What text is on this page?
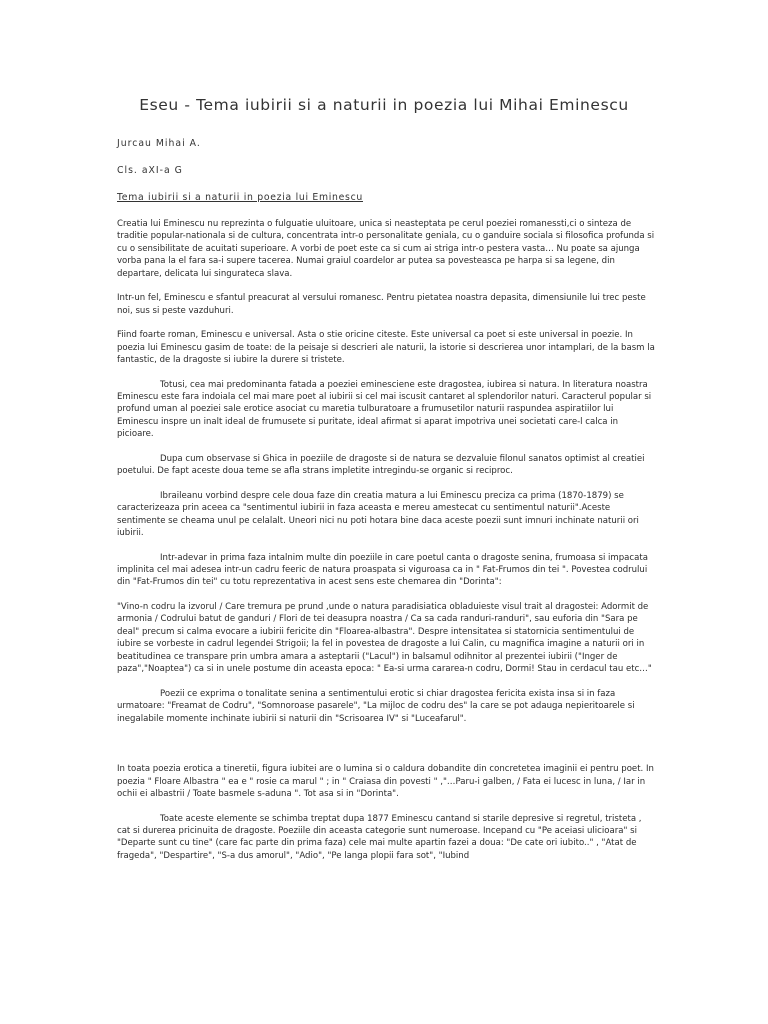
Eseu - Tema iubirii si a naturii in poezia lui Mihai Eminescu

Jurcau Mihai A.

Cls. aXI-a G

Tema iubirii si a naturii in poezia lui Eminescu

Creatia lui Eminescu nu reprezinta o fulguatie uluitoare, unica si neasteptata pe cerul poeziei romanessti,ci o sinteza de traditie popular-nationala si de cultura, concentrata intr-o personalitate geniala, cu o ganduire sociala si filosofica profunda si cu o sensibilitate de acuitati superioare. A vorbi de poet este ca si cum ai striga intr-o pestera vasta… Nu poate sa ajunga vorba pana la el fara sa-i supere tacerea. Numai graiul coardelor ar putea sa povesteasca pe harpa si sa legene, din departare, delicata lui singurateca slava.

Intr-un fel, Eminescu e sfantul preacurat al versului romanesc. Pentru pietatea noastra depasita, dimensiunile lui trec peste noi, sus si peste vazduhuri.

Fiind foarte roman, Eminescu e universal. Asta o stie oricine citeste. Este universal ca poet si este universal in poezie. In poezia lui Eminescu gasim de toate: de la peisaje si descrieri ale naturii, la istorie si descrierea unor intamplari, de la basm la fantastic, de la dragoste si iubire la durere si tristete.

Totusi, cea mai predominanta fatada a poeziei eminesciene este dragostea, iubirea si natura. In literatura noastra Eminescu este fara indoiala cel mai mare poet al iubirii si cel mai iscusit cantaret al splendorilor naturi. Caracterul popular si profund uman al poeziei sale erotice asociat cu maretia tulburatoare a frumusetilor naturii raspundea aspiratiilor lui Eminescu inspre un inalt ideal de frumusete si puritate, ideal afirmat si aparat impotriva unei societati care-l calca in picioare.

Dupa cum observase si Ghica in poeziile de dragoste si de natura se dezvaluie filonul sanatos optimist al creatiei poetului. De fapt aceste doua teme se afla strans impletite intregindu-se organic si reciproc.

Ibraileanu vorbind despre cele doua faze din creatia matura a lui Eminescu preciza ca prima (1870-1879) se caracterizeaza prin aceea ca "sentimentul iubirii in faza aceasta e mereu amestecat cu sentimentul naturii".Aceste sentimente se cheama unul pe celalalt. Uneori nici nu poti hotara bine daca aceste poezii sunt imnuri inchinate naturii ori iubirii.

Intr-adevar in prima faza intalnim multe din poeziile in care poetul canta o dragoste senina, frumoasa si impacata implinita cel mai adesea intr-un cadru feeric de natura proaspata si viguroasa ca in " Fat-Frumos din tei ". Povestea codrului din "Fat-Frumos din tei" cu totu reprezentativa in acest sens este chemarea din "Dorinta":

"Vino-n codru la izvorul / Care tremura pe prund ,unde o natura paradisiatica obladuieste visul trait al dragostei: Adormit de armonia / Codrului batut de ganduri / Flori de tei deasupra noastra / Ca sa cada randuri-randuri", sau euforia din "Sara pe deal" precum si calma evocare a iubirii fericite din "Floarea-albastra". Despre intensitatea si statornicia sentimentului de iubire se vorbeste in cadrul legendei Strigoii; la fel in povestea de dragoste a lui Calin, cu magnifica imagine a naturii ori in beatitudinea ce transpare prin umbra amara a asteptarii ("Lacul") in balsamul odihnitor al prezentei iubirii ("Inger de paza","Noaptea") ca si in unele postume din aceasta epoca: " Ea-si urma cararea-n codru, Dormi! Stau in cerdacul tau etc…"

Poezii ce exprima o tonalitate senina a sentimentului erotic si chiar dragostea fericita exista insa si in faza urmatoare: "Freamat de Codru", "Somnoroase pasarele", "La mijloc de codru des" la care se pot adauga nepieritoarele si inegalabile momente inchinate iubirii si naturii din "Scrisoarea IV" si "Luceafarul".

In toata poezia erotica a tineretii, figura iubitei are o lumina si o caldura dobandite din concretetea imaginii ei pentru poet. In poezia " Floare Albastra " ea e " rosie ca marul " ; in " Craiasa din povesti " ,"…Paru-i galben, / Fata ei lucesc in luna, / Iar in ochii ei albastrii / Toate basmele s-aduna ". Tot asa si in "Dorinta".

Toate aceste elemente se schimba treptat dupa 1877 Eminescu cantand si starile depresive si regretul, tristeta , cat si durerea pricinuita de dragoste. Poeziile din aceasta categorie sunt numeroase. Incepand cu "Pe aceiasi ulicioara" si "Departe sunt cu tine" (care fac parte din prima faza) cele mai multe apartin fazei a doua: "De cate ori iubito.." , "Atat de frageda", "Despartire", "S-a dus amorul", "Adio", "Pe langa plopii fara sot", "Iubind
